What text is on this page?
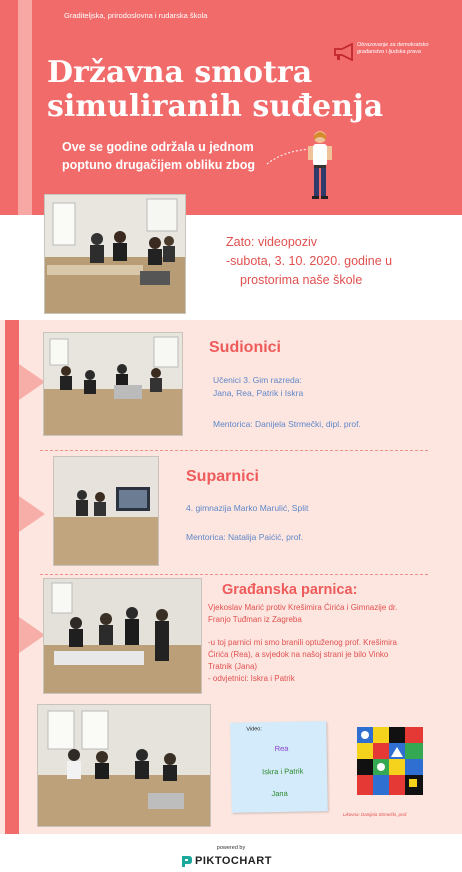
Graditeljska, prirodoslovna i rudarska škola
Obrazovanje za demokratsko građanstvo i ljudska prava
Državna smotra
simuliranih suđenja
Ove se godine održala u jednom poptuno drugačijem obliku zbog
Zato: videopoziv
-subota, 3. 10. 2020. godine u
prostorima naše škole
Sudionici
Učenici 3. Gim razreda:
Jana, Rea, Patrik i Iskra
Mentorica: Danijela Strmečki, dipl. prof.
Suparnici
4. gimnazija Marko Marulić, Split
Mentorica: Natalija Paićić, prof.
Građanska parnica:
Vjekoslav Marić protiv Krešimira Ćirića i Gimnazije dr.
Franjo Tuđman iz Zagreba
-u toj parnici mi smo branili optuženog prof. Krešimira
Ćirića (Rea), a svjedok na našoj strani je bilo Vinko
Tratnik (Jana)
- odvjetnici: Iskra i Patrik
Video:
Rea
Iskra i Patrik
Jana
Likovna: Danijela Strmečki, prof.
powered by
PIKTOCHART
